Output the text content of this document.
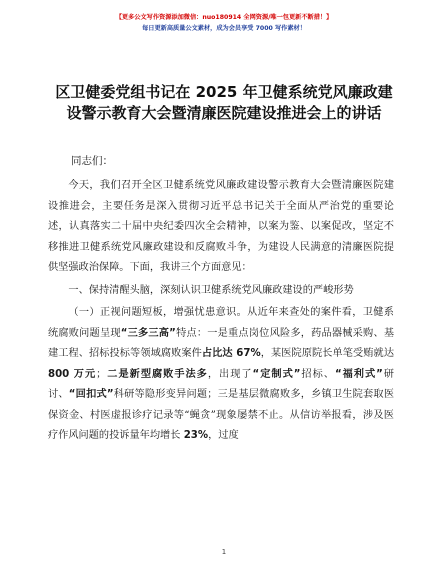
【更多公文写作资源添加微信：nuo180914 全网资源/唯一包更新不断措！】
每日更新高质量公文素材，成为会员享受 7000 写作素材！
区卫健委党组书记在 2025 年卫健系统党风廉政建设警示教育大会暨清廉医院建设推进会上的讲话
同志们：

今天，我们召开全区卫健系统党风廉政建设警示教育大会暨清廉医院建设推进会，主要任务是深入贯彻习近平总书记关于全面从严治党的重要论述，认真落实二十届中央纪委四次全会精神，以案为鉴、以案促改，坚定不移推进卫健系统党风廉政建设和反腐败斗争，为建设人民满意的清廉医院提供坚强政治保障。下面，我讲三个方面意见：

一、保持清醒头脑，深刻认识卫健系统党风廉政建设的严峻形势

（一）正视问题短板，增强忧患意识。从近年来查处的案件看，卫健系统腐败问题呈现“三多三高”特点：一是重点岗位风险多，药品器械采购、基建工程、招标投标等领域腐败案件占比达 67%，某医院原院长单笔受贿就达 800 万元；二是新型腐败手法多，出现了“定制式”招标、“福利式”研讨、“回扣式”科研等隐形变异问题；三是基层微腐败多，乡镇卫生院套取医保资金、村医虚报诊疗记录等“蝇贪”现象屡禁不止。从信访举报看，涉及医疗作风问题的投诉量年均增长 23%，过度

1
